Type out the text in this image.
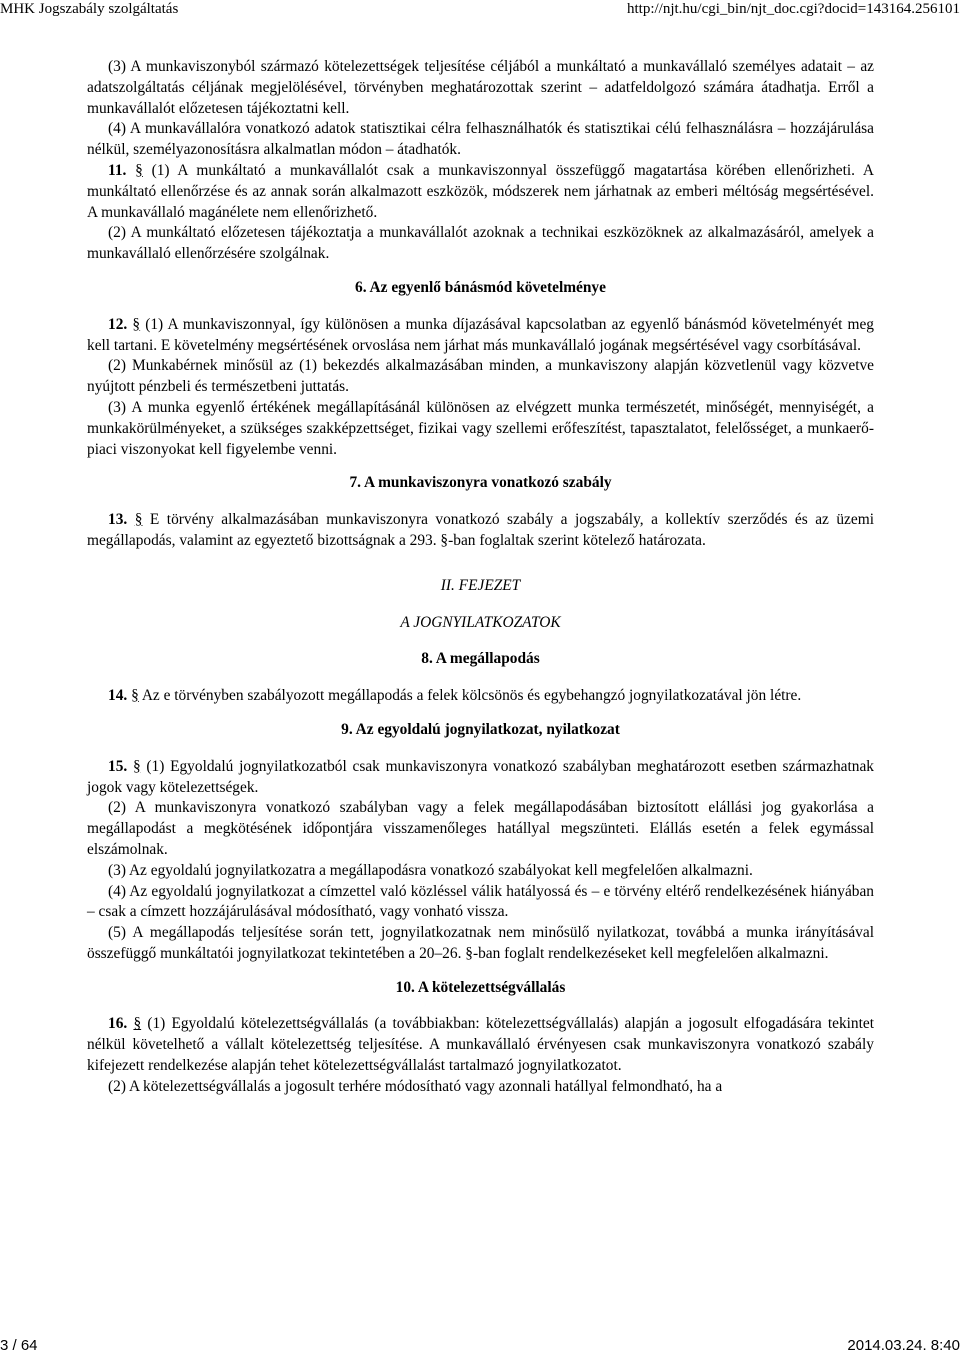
MHK Jogszabály szolgáltatás	http://njt.hu/cgi_bin/njt_doc.cgi?docid=143164.256101

(3) A munkaviszonyból származó kötelezettségek teljesítése céljából a munkáltató a munkavállaló személyes adatait – az adatszolgáltatás céljának megjelölésével, törvényben meghatározottak szerint – adatfeldolgozó számára átadhatja. Erről a munkavállalót előzetesen tájékoztatni kell.

(4) A munkavállalóra vonatkozó adatok statisztikai célra felhasználhatók és statisztikai célú felhasználásra – hozzájárulása nélkül, személyazonosításra alkalmatlan módon – átadhatók.

11. § (1) A munkáltató a munkavállalót csak a munkaviszonnyal összefüggő magatartása körében ellenőrizheti. A munkáltató ellenőrzése és az annak során alkalmazott eszközök, módszerek nem járhatnak az emberi méltóság megsértésével. A munkavállaló magánélete nem ellenőrizhető.

(2) A munkáltató előzetesen tájékoztatja a munkavállalót azoknak a technikai eszközöknek az alkalmazásáról, amelyek a munkavállaló ellenőrzésére szolgálnak.

6. Az egyenlő bánásmód követelménye

12. § (1) A munkaviszonnyal, így különösen a munka díjazásával kapcsolatban az egyenlő bánásmód követelményét meg kell tartani. E követelmény megsértésének orvoslása nem járhat más munkavállaló jogának megsértésével vagy csorbításával.

(2) Munkabérnek minősül az (1) bekezdés alkalmazásában minden, a munkaviszony alapján közvetlenül vagy közvetve nyújtott pénzbeli és természetbeni juttatás.

(3) A munka egyenlő értékének megállapításánál különösen az elvégzett munka természetét, minőségét, mennyiségét, a munkakörülményeket, a szükséges szakképzettséget, fizikai vagy szellemi erőfeszítést, tapasztalatot, felelősséget, a munkaerő-piaci viszonyokat kell figyelembe venni.

7. A munkaviszonyra vonatkozó szabály

13. § E törvény alkalmazásában munkaviszonyra vonatkozó szabály a jogszabály, a kollektív szerződés és az üzemi megállapodás, valamint az egyeztető bizottságnak a 293. §-ban foglaltak szerint kötelező határozata.

II. FEJEZET
A JOGNYILATKOZATOK
8. A megállapodás

14. § Az e törvényben szabályozott megállapodás a felek kölcsönös és egybehangzó jognyilatkozatával jön létre.

9. Az egyoldalú jognyilatkozat, nyilatkozat

15. § (1) Egyoldalú jognyilatkozatból csak munkaviszonyra vonatkozó szabályban meghatározott esetben származhatnak jogok vagy kötelezettségek.

(2) A munkaviszonyra vonatkozó szabályban vagy a felek megállapodásában biztosított elállási jog gyakorlása a megállapodást a megkötésének időpontjára visszamenőleges hatállyal megszünteti. Elállás esetén a felek egymással elszámolnak.

(3) Az egyoldalú jognyilatkozatra a megállapodásra vonatkozó szabályokat kell megfelelően alkalmazni.

(4) Az egyoldalú jognyilatkozat a címzettel való közléssel válik hatályossá és – e törvény eltérő rendelkezésének hiányában – csak a címzett hozzájárulásával módosítható, vagy vonható vissza.

(5) A megállapodás teljesítése során tett, jognyilatkozatnak nem minősülő nyilatkozat, továbbá a munka irányításával összefüggő munkáltatói jognyilatkozat tekintetében a 20–26. §-ban foglalt rendelkezéseket kell megfelelően alkalmazni.

10. A kötelezettségvállalás

16. § (1) Egyoldalú kötelezettségvállalás (a továbbiakban: kötelezettségvállalás) alapján a jogosult elfogadására tekintet nélkül követelhető a vállalt kötelezettség teljesítése. A munkavállaló érvényesen csak munkaviszonyra vonatkozó szabály kifejezett rendelkezése alapján tehet kötelezettségvállalást tartalmazó jognyilatkozatot.

(2) A kötelezettségvállalás a jogosult terhére módosítható vagy azonnali hatállyal felmondható, ha a

3 / 64	2014.03.24. 8:40
